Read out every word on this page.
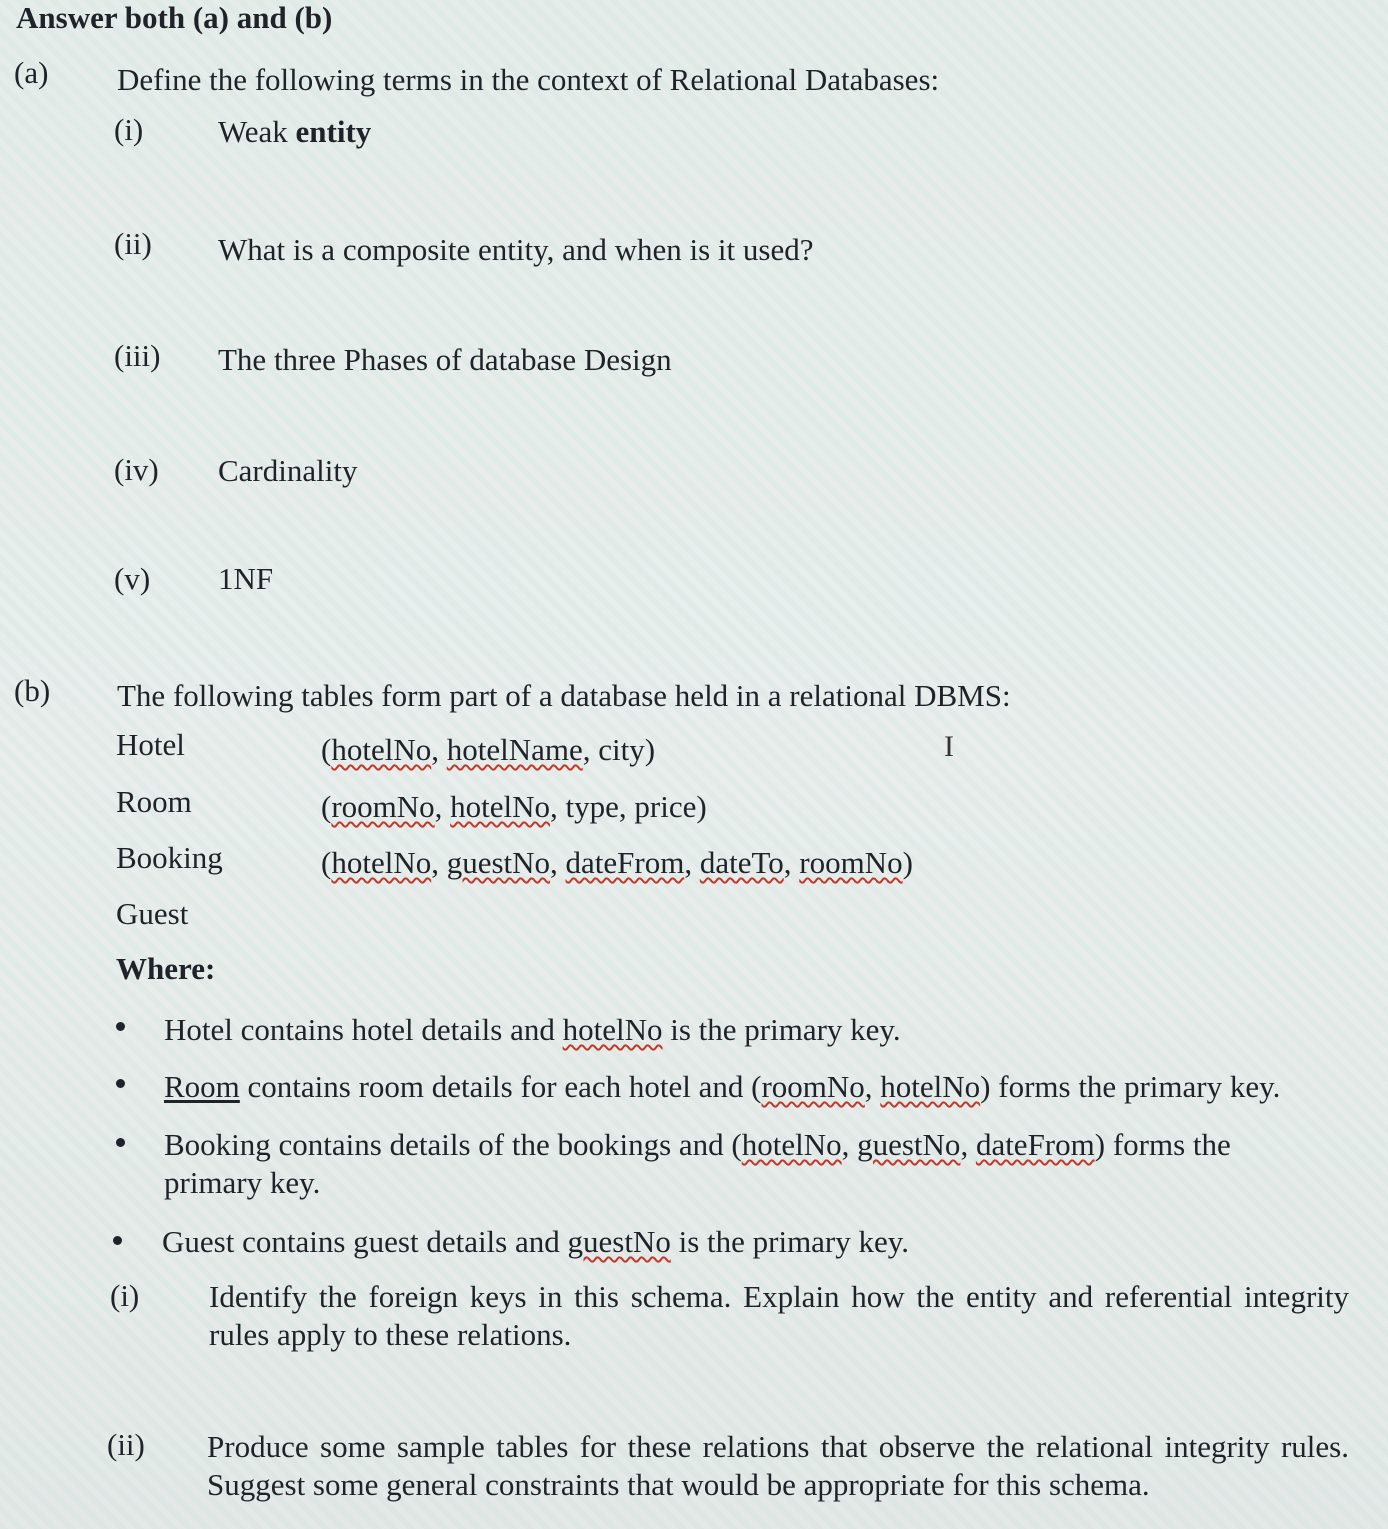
Answer both (a) and (b)
(a) Define the following terms in the context of Relational Databases:
(i) Weak entity
(ii) What is a composite entity, and when is it used?
(iii) The three Phases of database Design
(iv) Cardinality
(v) 1NF
(b) The following tables form part of a database held in a relational DBMS:
Ι
Hotel	(hotelNo, hotelName, city)
Room	(roomNo, hotelNo, type, price)
Booking	(hotelNo, guestNo, dateFrom, dateTo, roomNo)
Guest
Where:
Hotel contains hotel details and hotelNo is the primary key.
Room contains room details for each hotel and (roomNo, hotelNo) forms the primary key.
Booking contains details of the bookings and (hotelNo, guestNo, dateFrom) forms the primary key.
Guest contains guest details and guestNo is the primary key.
(i) Identify the foreign keys in this schema. Explain how the entity and referential integrity rules apply to these relations.
(ii) Produce some sample tables for these relations that observe the relational integrity rules. Suggest some general constraints that would be appropriate for this schema.
